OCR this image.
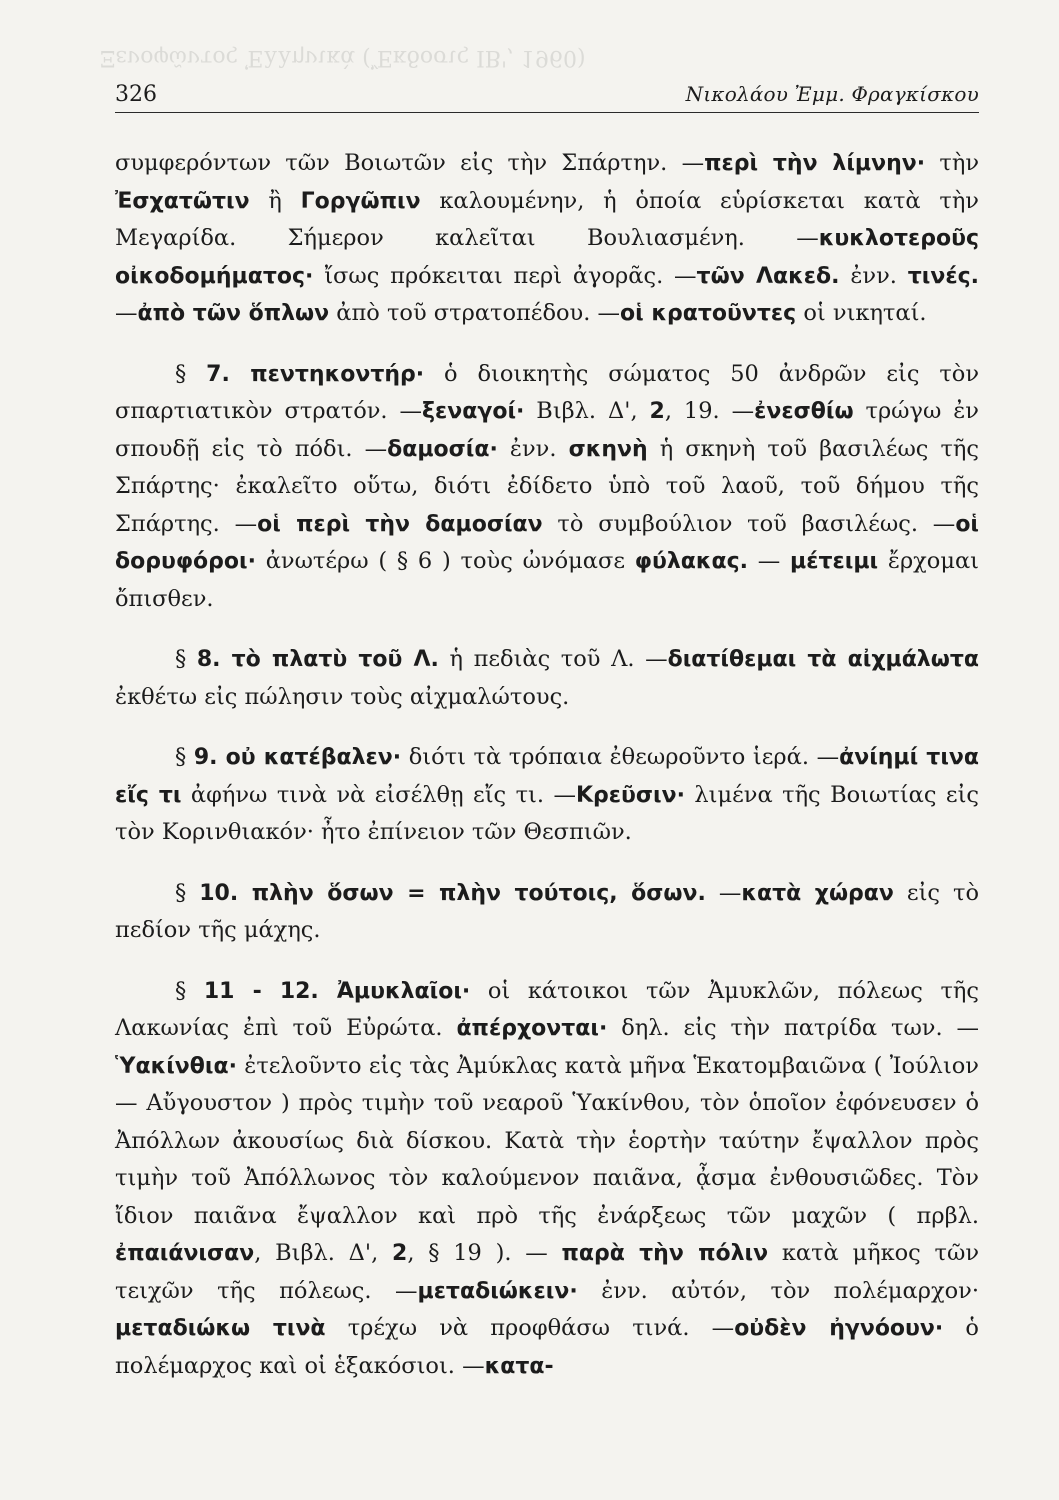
Ξενοφῶντος Ἑλληνικὰ (Ἔκδοσις ΙΒ', 1960)
326	Νικολάου Ἐμμ. Φραγκίσκου

συμφερόντων τῶν Βοιωτῶν εἰς τὴν Σπάρτην. —περὶ τὴν λίμνην· τὴν Ἐσχατῶτιν ἢ Γοργῶπιν καλουμένην, ἡ ὁποία εὑρίσκεται κατὰ τὴν Μεγαρίδα. Σήμερον καλεῖται Βουλιασμένη. —κυκλοτεροῦς οἰκοδομήματος· ἴσως πρόκειται περὶ ἀγορᾶς. —τῶν Λακεδ. ἐνν. τινές. —ἀπὸ τῶν ὅπλων ἀπὸ τοῦ στρατοπέδου. —οἱ κρατοῦντες οἱ νικηταί.

§ 7. πεντηκοντήρ· ὁ διοικητὴς σώματος 50 ἀνδρῶν εἰς τὸν σπαρτιατικὸν στρατόν. —ξεναγοί· Βιβλ. Δ', 2, 19. —ἐνεσθίω τρώγω ἐν σπουδῇ εἰς τὸ πόδι. —δαμοσία· ἐνν. σκηνὴ ἡ σκηνὴ τοῦ βασιλέως τῆς Σπάρτης· ἐκαλεῖτο οὕτω, διότι ἐδίδετο ὑπὸ τοῦ λαοῦ, τοῦ δήμου τῆς Σπάρτης. —οἱ περὶ τὴν δαμοσίαν τὸ συμβούλιον τοῦ βασιλέως. —οἱ δορυφόροι· ἀνωτέρω ( § 6 ) τοὺς ὠνόμασε φύλακας. — μέτειμι ἔρχομαι ὄπισθεν.

§ 8. τὸ πλατὺ τοῦ Λ. ἡ πεδιὰς τοῦ Λ. —διατίθεμαι τὰ αἰχμάλωτα ἐκθέτω εἰς πώλησιν τοὺς αἰχμαλώτους.

§ 9. οὐ κατέβαλεν· διότι τὰ τρόπαια ἐθεωροῦντο ἱερά. —ἀνίημί τινα εἴς τι ἀφήνω τινὰ νὰ εἰσέλθῃ εἴς τι. —Κρεῦσιν· λιμένα τῆς Βοιωτίας εἰς τὸν Κορινθιακόν· ἦτο ἐπίνειον τῶν Θεσπιῶν.

§ 10. πλὴν ὅσων = πλὴν τούτοις, ὅσων. —κατὰ χώραν εἰς τὸ πεδίον τῆς μάχης.

§ 11 - 12. Ἀμυκλαῖοι· οἱ κάτοικοι τῶν Ἀμυκλῶν, πόλεως τῆς Λακωνίας ἐπὶ τοῦ Εὐρώτα. ἀπέρχονται· δηλ. εἰς τὴν πατρίδα των. — Ὑακίνθια· ἐτελοῦντο εἰς τὰς Ἀμύκλας κατὰ μῆνα Ἑκατομβαιῶνα ( Ἰούλιον— Αὔγουστον ) πρὸς τιμὴν τοῦ νεαροῦ Ὑακίνθου, τὸν ὁποῖον ἐφόνευσεν ὁ Ἀπόλλων ἀκουσίως διὰ δίσκου. Κατὰ τὴν ἑορτὴν ταύτην ἔψαλλον πρὸς τιμὴν τοῦ Ἀπόλλωνος τὸν καλούμενον παιᾶνα, ᾆσμα ἐνθουσιῶδες. Τὸν ἴδιον παιᾶνα ἔψαλλον καὶ πρὸ τῆς ἐνάρξεως τῶν μαχῶν ( πρβλ. ἐπαιάνισαν, Βιβλ. Δ', 2, § 19 ). — παρὰ τὴν πόλιν κατὰ μῆκος τῶν τειχῶν τῆς πόλεως. —μεταδιώκειν· ἐνν. αὐτόν, τὸν πολέμαρχον· μεταδιώκω τινὰ τρέχω νὰ προφθάσω τινά. —οὐδὲν ἠγνόουν· ὁ πολέμαρχος καὶ οἱ ἑξακόσιοι. —κατα-
